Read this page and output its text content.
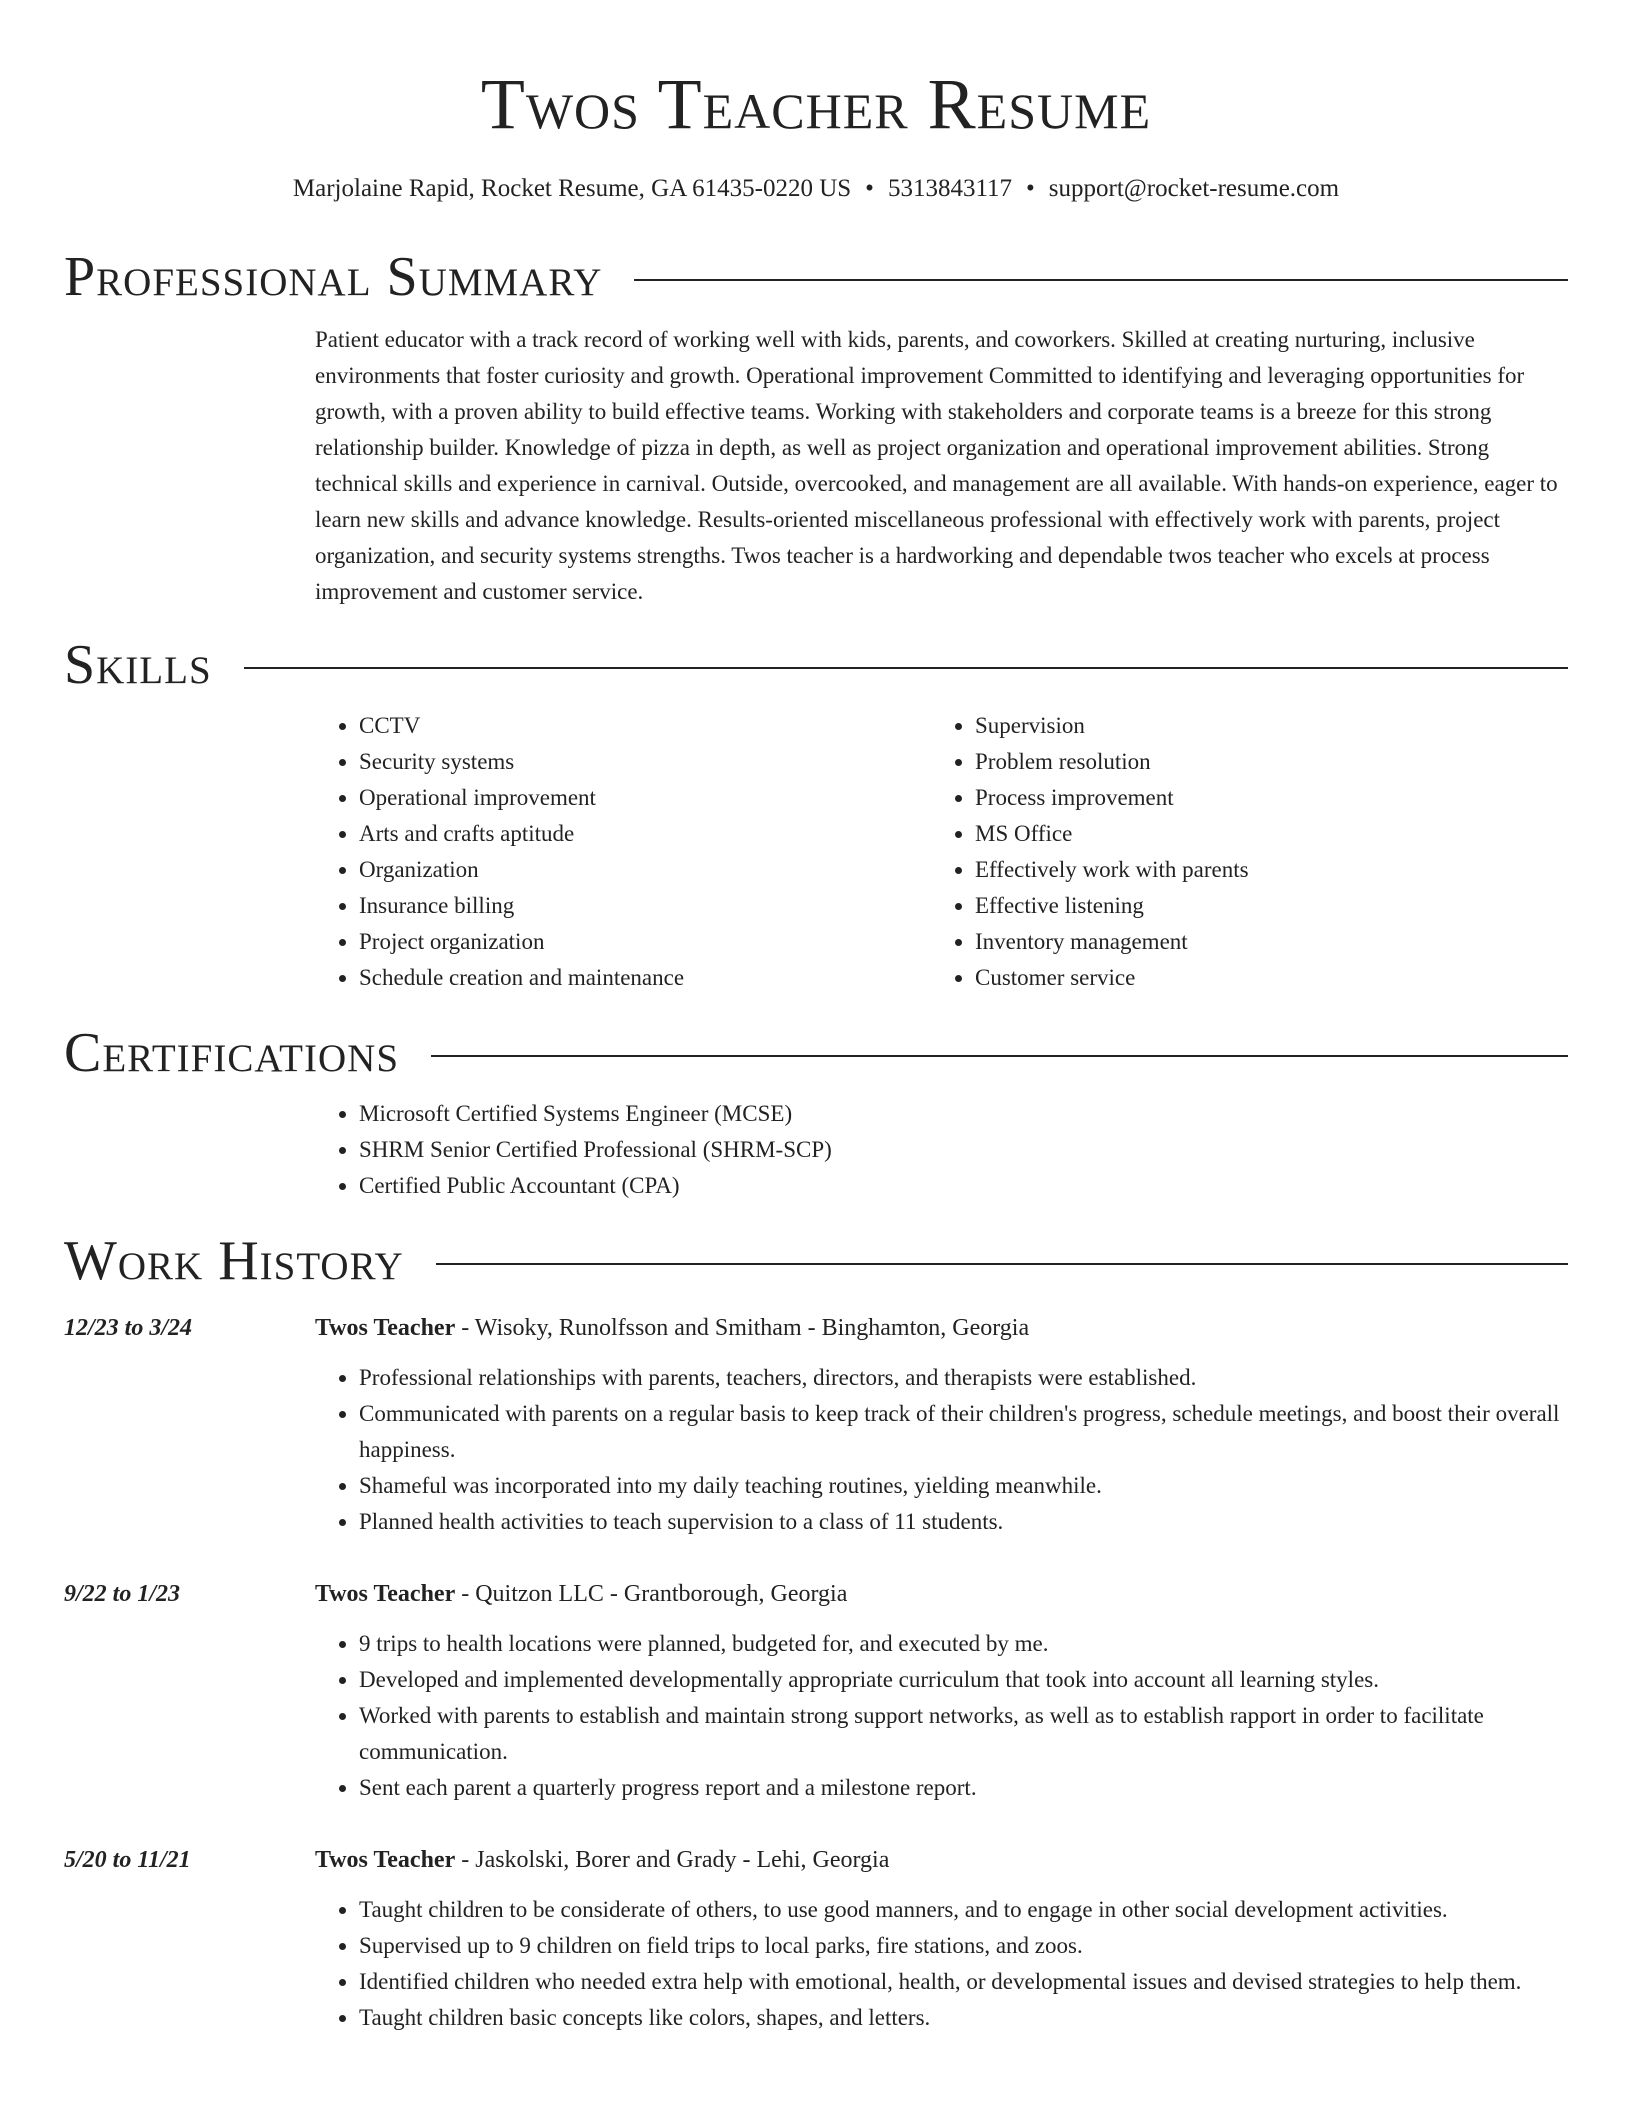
Twos Teacher Resume
Marjolaine Rapid, Rocket Resume, GA 61435-0220 US • 5313843117 • support@rocket-resume.com
Professional Summary

Patient educator with a track record of working well with kids, parents, and coworkers. Skilled at creating nurturing, inclusive environments that foster curiosity and growth. Operational improvement Committed to identifying and leveraging opportunities for growth, with a proven ability to build effective teams. Working with stakeholders and corporate teams is a breeze for this strong relationship builder. Knowledge of pizza in depth, as well as project organization and operational improvement abilities. Strong technical skills and experience in carnival. Outside, overcooked, and management are all available. With hands-on experience, eager to learn new skills and advance knowledge. Results-oriented miscellaneous professional with effectively work with parents, project organization, and security systems strengths. Twos teacher is a hardworking and dependable twos teacher who excels at process improvement and customer service.

Skills
• CCTV
• Security systems
• Operational improvement
• Arts and crafts aptitude
• Organization
• Insurance billing
• Project organization
• Schedule creation and maintenance
• Supervision
• Problem resolution
• Process improvement
• MS Office
• Effectively work with parents
• Effective listening
• Inventory management
• Customer service
Certifications
• Microsoft Certified Systems Engineer (MCSE)
• SHRM Senior Certified Professional (SHRM-SCP)
• Certified Public Accountant (CPA)
Work History
12/23 to 3/24	Twos Teacher - Wisoky, Runolfsson and Smitham - Binghamton, Georgia
• Professional relationships with parents, teachers, directors, and therapists were established.
• Communicated with parents on a regular basis to keep track of their children's progress, schedule meetings, and boost their overall happiness.
• Shameful was incorporated into my daily teaching routines, yielding meanwhile.
• Planned health activities to teach supervision to a class of 11 students.
9/22 to 1/23	Twos Teacher - Quitzon LLC - Grantborough, Georgia
• 9 trips to health locations were planned, budgeted for, and executed by me.
• Developed and implemented developmentally appropriate curriculum that took into account all learning styles.
• Worked with parents to establish and maintain strong support networks, as well as to establish rapport in order to facilitate communication.
• Sent each parent a quarterly progress report and a milestone report.
5/20 to 11/21	Twos Teacher - Jaskolski, Borer and Grady - Lehi, Georgia
• Taught children to be considerate of others, to use good manners, and to engage in other social development activities.
• Supervised up to 9 children on field trips to local parks, fire stations, and zoos.
• Identified children who needed extra help with emotional, health, or developmental issues and devised strategies to help them.
• Taught children basic concepts like colors, shapes, and letters.
